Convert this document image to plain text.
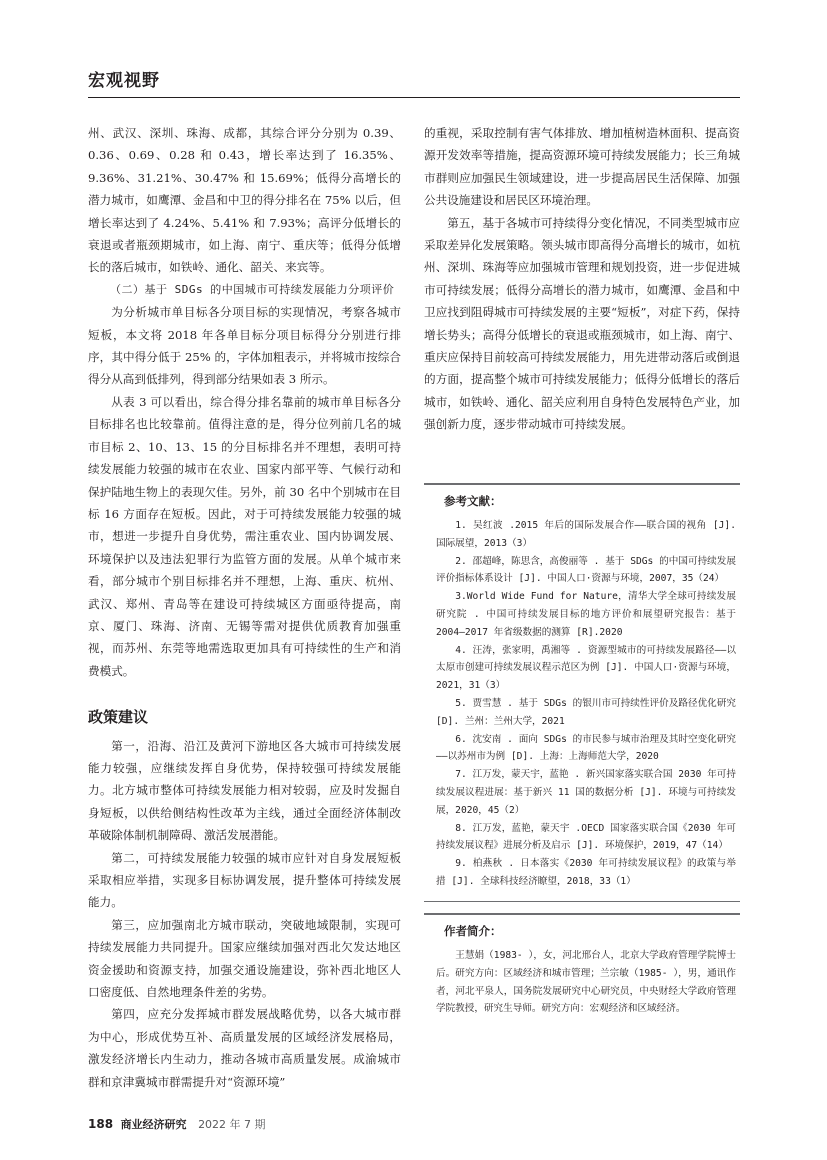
宏观视野

州、武汉、深圳、珠海、成都，其综合评分分别为 0.39、0.36、0.69、0.28 和 0.43，增长率达到了 16.35%、9.36%、31.21%、30.47% 和 15.69%；低得分高增长的潜力城市，如鹰潭、金昌和中卫的得分排名在 75% 以后，但增长率达到了 4.24%、5.41% 和 7.93%；高评分低增长的衰退或者瓶颈期城市，如上海、南宁、重庆等；低得分低增长的落后城市，如铁岭、通化、韶关、来宾等。

（二）基于 SDGs 的中国城市可持续发展能力分项评价

为分析城市单目标各分项目标的实现情况，考察各城市短板，本文将 2018 年各单目标分项目标得分分别进行排序，其中得分低于 25% 的，字体加粗表示，并将城市按综合得分从高到低排列，得到部分结果如表 3 所示。

从表 3 可以看出，综合得分排名靠前的城市单目标各分目标排名也比较靠前。值得注意的是，得分位列前几名的城市目标 2、10、13、15 的分目标排名并不理想，表明可持续发展能力较强的城市在农业、国家内部平等、气候行动和保护陆地生物上的表现欠佳。另外，前 30 名中个别城市在目标 16 方面存在短板。因此，对于可持续发展能力较强的城市，想进一步提升自身优势，需注重农业、国内协调发展、环境保护以及违法犯罪行为监管方面的发展。从单个城市来看，部分城市个别目标排名并不理想，上海、重庆、杭州、武汉、郑州、青岛等在建设可持续城区方面亟待提高，南京、厦门、珠海、济南、无锡等需对提供优质教育加强重视，而苏州、东莞等地需选取更加具有可持续性的生产和消费模式。

政策建议

第一，沿海、沿江及黄河下游地区各大城市可持续发展能力较强，应继续发挥自身优势，保持较强可持续发展能力。北方城市整体可持续发展能力相对较弱，应及时发掘自身短板，以供给侧结构性改革为主线，通过全面经济体制改革破除体制机制障碍、激活发展潜能。

第二，可持续发展能力较强的城市应针对自身发展短板采取相应举措，实现多目标协调发展，提升整体可持续发展能力。

第三，应加强南北方城市联动，突破地域限制，实现可持续发展能力共同提升。国家应继续加强对西北欠发达地区资金援助和资源支持，加强交通设施建设，弥补西北地区人口密度低、自然地理条件差的劣势。

第四，应充分发挥城市群发展战略优势，以各大城市群为中心，形成优势互补、高质量发展的区域经济发展格局，激发经济增长内生动力，推动各城市高质量发展。成渝城市群和京津冀城市群需提升对“资源环境”

的重视，采取控制有害气体排放、增加植树造林面积、提高资源开发效率等措施，提高资源环境可持续发展能力；长三角城市群则应加强民生领域建设，进一步提高居民生活保障、加强公共设施建设和居民区环境治理。

第五，基于各城市可持续得分变化情况，不同类型城市应采取差异化发展策略。领头城市即高得分高增长的城市，如杭州、深圳、珠海等应加强城市管理和规划投资，进一步促进城市可持续发展；低得分高增长的潜力城市，如鹰潭、金昌和中卫应找到阻碍城市可持续发展的主要“短板”，对症下药，保持增长势头；高得分低增长的衰退或瓶颈城市，如上海、南宁、重庆应保持目前较高可持续发展能力，用先进带动落后或倒退的方面，提高整个城市可持续发展能力；低得分低增长的落后城市，如铁岭、通化、韶关应利用自身特色发展特色产业，加强创新力度，逐步带动城市可持续发展。

参考文献：

1. 吴红波 .2015 年后的国际发展合作——联合国的视角 [J]. 国际展望，2013（3）

2. 邵超峰，陈思含，高俊丽等 . 基于 SDGs 的中国可持续发展评价指标体系设计 [J]. 中国人口·资源与环境，2007，35（24）

3.World Wide Fund for Nature，清华大学全球可持续发展研究院 . 中国可持续发展目标的地方评价和展望研究报告：基于 2004—2017 年省级数据的测算 [R].2020

4. 汪涛，张家明，禹湘等 . 资源型城市的可持续发展路径——以太原市创建可持续发展议程示范区为例 [J]. 中国人口·资源与环境，2021，31（3）

5. 贾雪慧 . 基于 SDGs 的银川市可持续性评价及路径优化研究 [D]. 兰州：兰州大学，2021

6. 沈安南 . 面向 SDGs 的市民参与城市治理及其时空变化研究——以苏州市为例 [D]. 上海：上海师范大学，2020

7. 江万发，蒙天宇，蓝艳 . 新兴国家落实联合国 2030 年可持续发展议程进展：基于新兴 11 国的数据分析 [J]. 环境与可持续发展，2020，45（2）

8. 江万发，蓝艳，蒙天宇 .OECD 国家落实联合国《2030 年可持续发展议程》进展分析及启示 [J]. 环境保护，2019，47（14）

9. 柏燕秋 . 日本落实《2030 年可持续发展议程》的政策与举措 [J]. 全球科技经济瞭望，2018，33（1）

作者简介：

王慧娟（1983- ），女，河北邢台人，北京大学政府管理学院博士后。研究方向：区域经济和城市管理；兰宗敏（1985- ），男，通讯作者，河北平泉人，国务院发展研究中心研究员，中央财经大学政府管理学院教授，研究生导师。研究方向：宏观经济和区域经济。

188 商业经济研究 2022 年 7 期
